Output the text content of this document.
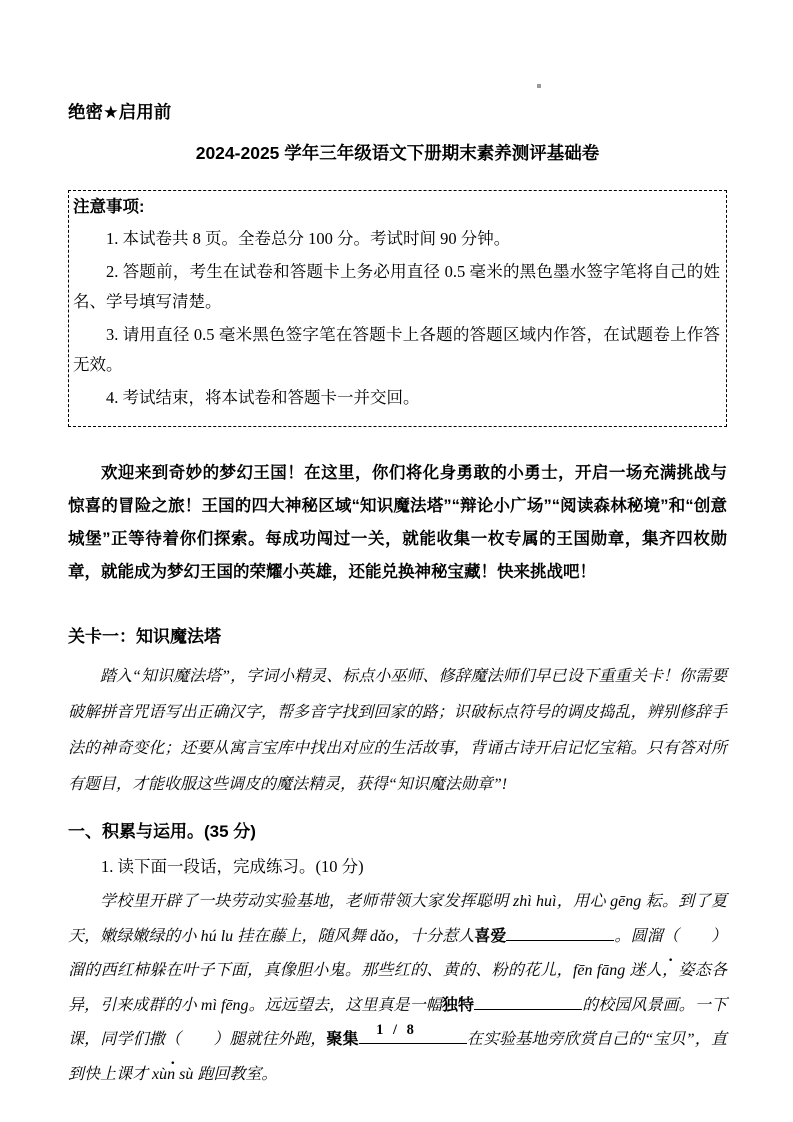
绝密★启用前
2024-2025 学年三年级语文下册期末素养测评基础卷
注意事项:

1. 本试卷共 8 页。全卷总分 100 分。考试时间 90 分钟。

2. 答题前，考生在试卷和答题卡上务必用直径 0.5 毫米的黑色墨水签字笔将自己的姓名、学号填写清楚。

3. 请用直径 0.5 毫米黑色签字笔在答题卡上各题的答题区域内作答，在试题卷上作答无效。

4. 考试结束，将本试卷和答题卡一并交回。

欢迎来到奇妙的梦幻王国！在这里，你们将化身勇敢的小勇士，开启一场充满挑战与惊喜的冒险之旅！王国的四大神秘区域“知识魔法塔”“辩论小广场”“阅读森林秘境”和“创意城堡”正等待着你们探索。每成功闯过一关，就能收集一枚专属的王国勋章，集齐四枚勋章，就能成为梦幻王国的荣耀小英雄，还能兑换神秘宝藏！快来挑战吧！

关卡一：知识魔法塔

踏入“知识魔法塔”，字词小精灵、标点小巫师、修辞魔法师们早已设下重重关卡！你需要破解拼音咒语写出正确汉字，帮多音字找到回家的路；识破标点符号的调皮捣乱，辨别修辞手法的神奇变化；还要从寓言宝库中找出对应的生活故事，背诵古诗开启记忆宝箱。只有答对所有题目，才能收服这些调皮的魔法精灵，获得“知识魔法勋章”!

一、积累与运用。(35 分)

1. 读下面一段话，完成练习。(10 分)

学校里开辟了一块劳动实验基地，老师带领大家发挥聪明 zhì huì，用心 gēng 耘。到了夏天，嫩绿嫩绿的小 hú lu 挂在藤上，随风舞 dǎo，十分惹人喜爱	。圆溜（　　）溜的西红柿躲在叶子下面，真像胆小鬼。那些红的、黄的、粉的花儿，fēn fāng 迷人，姿态各异，引来成群的小 mì fēng。远远望去，这里真是一幅独特	的校园风景画。一下课，同学们撒（　　）腿就往外跑，聚集	在实验基地旁欣赏自己的“宝贝”，直到快上课才 xùn sù 跑回教室。

1 / 8
